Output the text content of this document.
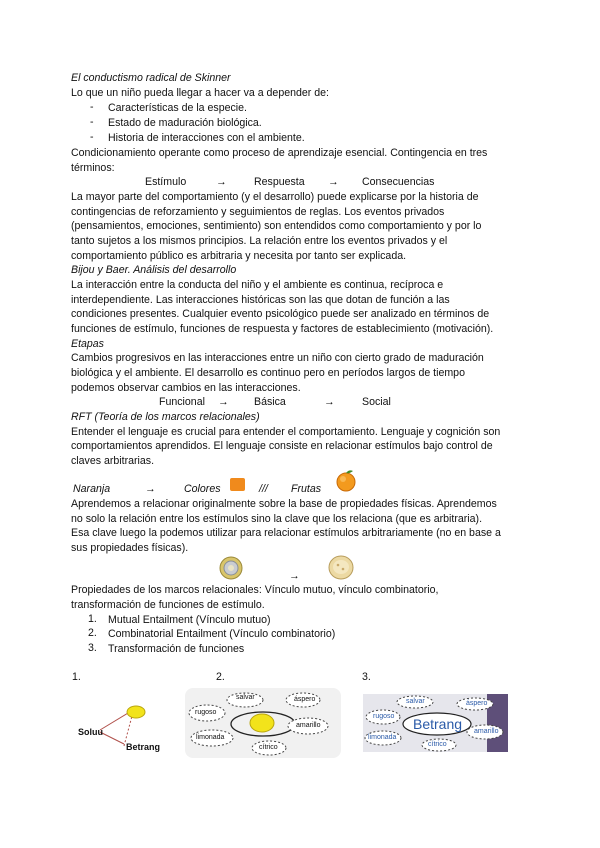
El conductismo radical de Skinner
Lo que un niño pueda llegar a hacer va a depender de:
- Características de la especie.
- Estado de maduración biológica.
- Historia de interacciones con el ambiente.
Condicionamiento operante como proceso de aprendizaje esencial. Contingencia en tres
términos:
Estímulo	→	Respuesta → Consecuencias
La mayor parte del comportamiento (y el desarrollo) puede explicarse por la historia de
contingencias de reforzamiento y seguimientos de reglas. Los eventos privados
(pensamientos, emociones, sentimiento) son entendidos como comportamiento y por lo
tanto sujetos a los mismos principios. La relación entre los eventos privados y el
comportamiento público es arbitraria y necesita por tanto ser explicada.
Bijou y Baer. Análisis del desarrollo
La interacción entre la conducta del niño y el ambiente es continua, recíproca e
interdependiente. Las interacciones históricas son las que dotan de función a las
condiciones presentes. Cualquier evento psicológico puede ser analizado en términos de
funciones de estímulo, funciones de respuesta y factores de establecimiento (motivación).
Etapas
Cambios progresivos en las interacciones entre un niño con cierto grado de maduración
biológica y el ambiente. El desarrollo es continuo pero en períodos largos de tiempo
podemos observar cambios en las interacciones.
Funcional → Básica	→	Social
RFT (Teoría de los marcos relacionales)
Entender el lenguaje es crucial para entender el comportamiento. Lenguaje y cognición son
comportamientos aprendidos. El lenguaje consiste en relacionar estímulos bajo control de
claves arbitrarias.
Naranja	→	Colores	/// Frutas
Aprendemos a relacionar originalmente sobre la base de propiedades físicas. Aprendemos
no solo la relación entre los estímulos sino la clave que los relaciona (que es arbitraria).
Esa clave luego la podemos utilizar para relacionar estímulos arbitrariamente (no en base a
sus propiedades físicas).
→
Propiedades de los marcos relacionales: Vínculo mutuo, vínculo combinatorio,
transformación de funciones de estímulo.
1. Mutual Entailment (Vínculo mutuo)
2. Combinatorial Entailment (Vínculo combinatorio)
3. Transformación de funciones
1.	2.	3.
Soluu
Betrang
salvar
rugoso
áspero
limonada
amarillo
cítrico
Betrang
salvar	áspero
rugoso
limonada
amarillo
cítrico
